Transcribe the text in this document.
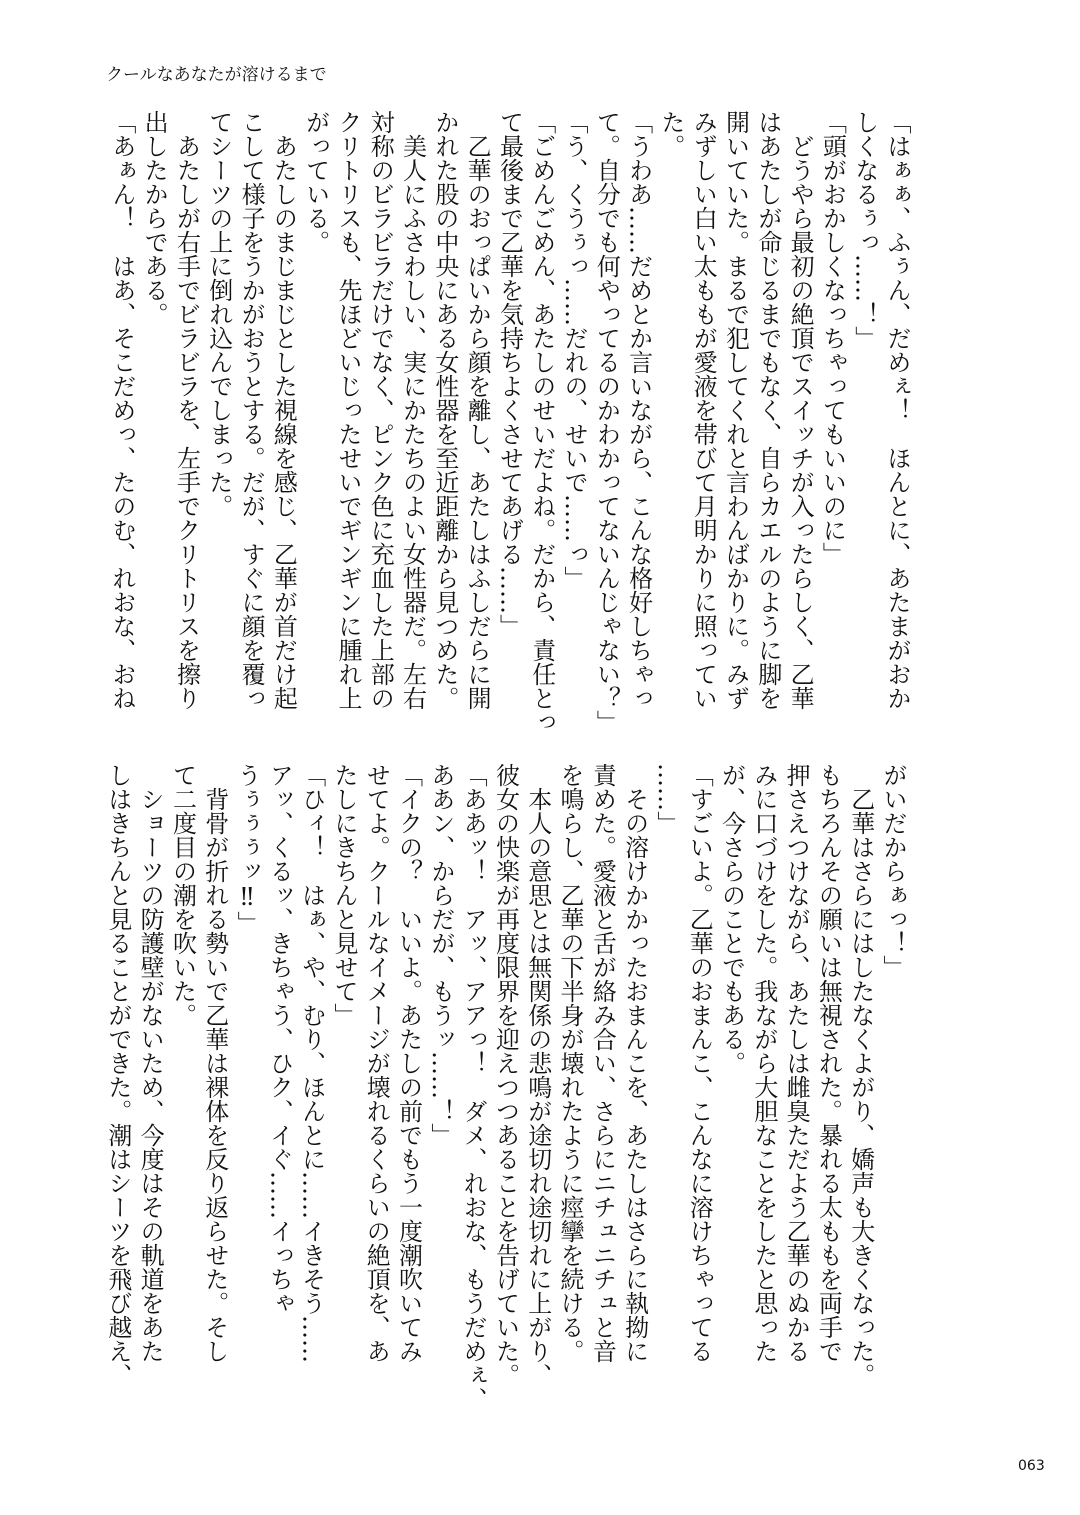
クールなあなたが溶けるまで
「はぁぁ、ふぅん、だめぇ！　ほんとに、あたまがおか
しくなるぅっ……！」
「頭がおかしくなっちゃってもいいのに」
　どうやら最初の絶頂でスイッチが入ったらしく、乙華
はあたしが命じるまでもなく、自らカエルのように脚を
開いていた。まるで犯してくれと言わんばかりに。みず
みずしい白い太ももが愛液を帯びて月明かりに照ってい
た。
「うわあ……だめとか言いながら、こんな格好しちゃっ
て。自分でも何やってるのかわかってないんじゃない？」
「う、くうぅっ……だれの、せいで……っ」
「ごめんごめん、あたしのせいだよね。だから、責任とっ
て最後まで乙華を気持ちよくさせてあげる……」
　乙華のおっぱいから顔を離し、あたしはふしだらに開
かれた股の中央にある女性器を至近距離から見つめた。
　美人にふさわしい、実にかたちのよい女性器だ。左右
対称のビラビラだけでなく、ピンク色に充血した上部の
クリトリスも、先ほどいじったせいでギンギンに腫れ上
がっている。
　あたしのまじまじとした視線を感じ、乙華が首だけ起
こして様子をうかがおうとする。だが、すぐに顔を覆っ
てシーツの上に倒れ込んでしまった。
　あたしが右手でビラビラを、左手でクリトリスを擦り
出したからである。
「あぁん！　はあ、そこだめっ、たのむ、れおな、おね
がいだからぁっ！」
　乙華はさらにはしたなくよがり、嬌声も大きくなった。
もちろんその願いは無視された。暴れる太ももを両手で
押さえつけながら、あたしは雌臭ただよう乙華のぬかる
みに口づけをした。我ながら大胆なことをしたと思った
が、今さらのことでもある。
「すごいよ。乙華のおまんこ、こんなに溶けちゃってる
……」
　その溶けかかったおまんこを、あたしはさらに執拗に
責めた。愛液と舌が絡み合い、さらにニチュニチュと音
を鳴らし、乙華の下半身が壊れたように痙攣を続ける。
　本人の意思とは無関係の悲鳴が途切れ途切れに上がり、
彼女の快楽が再度限界を迎えつつあることを告げていた。
「ああッ！　アッ、アアっ！　ダメ、れおな、もうだめぇ、
ああン、からだが、もうッ……！」
「イクの？　いいよ。あたしの前でもう一度潮吹いてみ
せてよ。クールなイメージが壊れるくらいの絶頂を、あ
たしにきちんと見せて」
「ひィ！　はぁ、や、むり、ほんとに……イきそう……
アッ、くるッ、きちゃう、ひク、イぐ……イっちゃ
うぅぅぅッ‼」
　背骨が折れる勢いで乙華は裸体を反り返らせた。そし
て二度目の潮を吹いた。
　ショーツの防護壁がないため、今度はその軌道をあた
しはきちんと見ることができた。潮はシーツを飛び越え、
063
